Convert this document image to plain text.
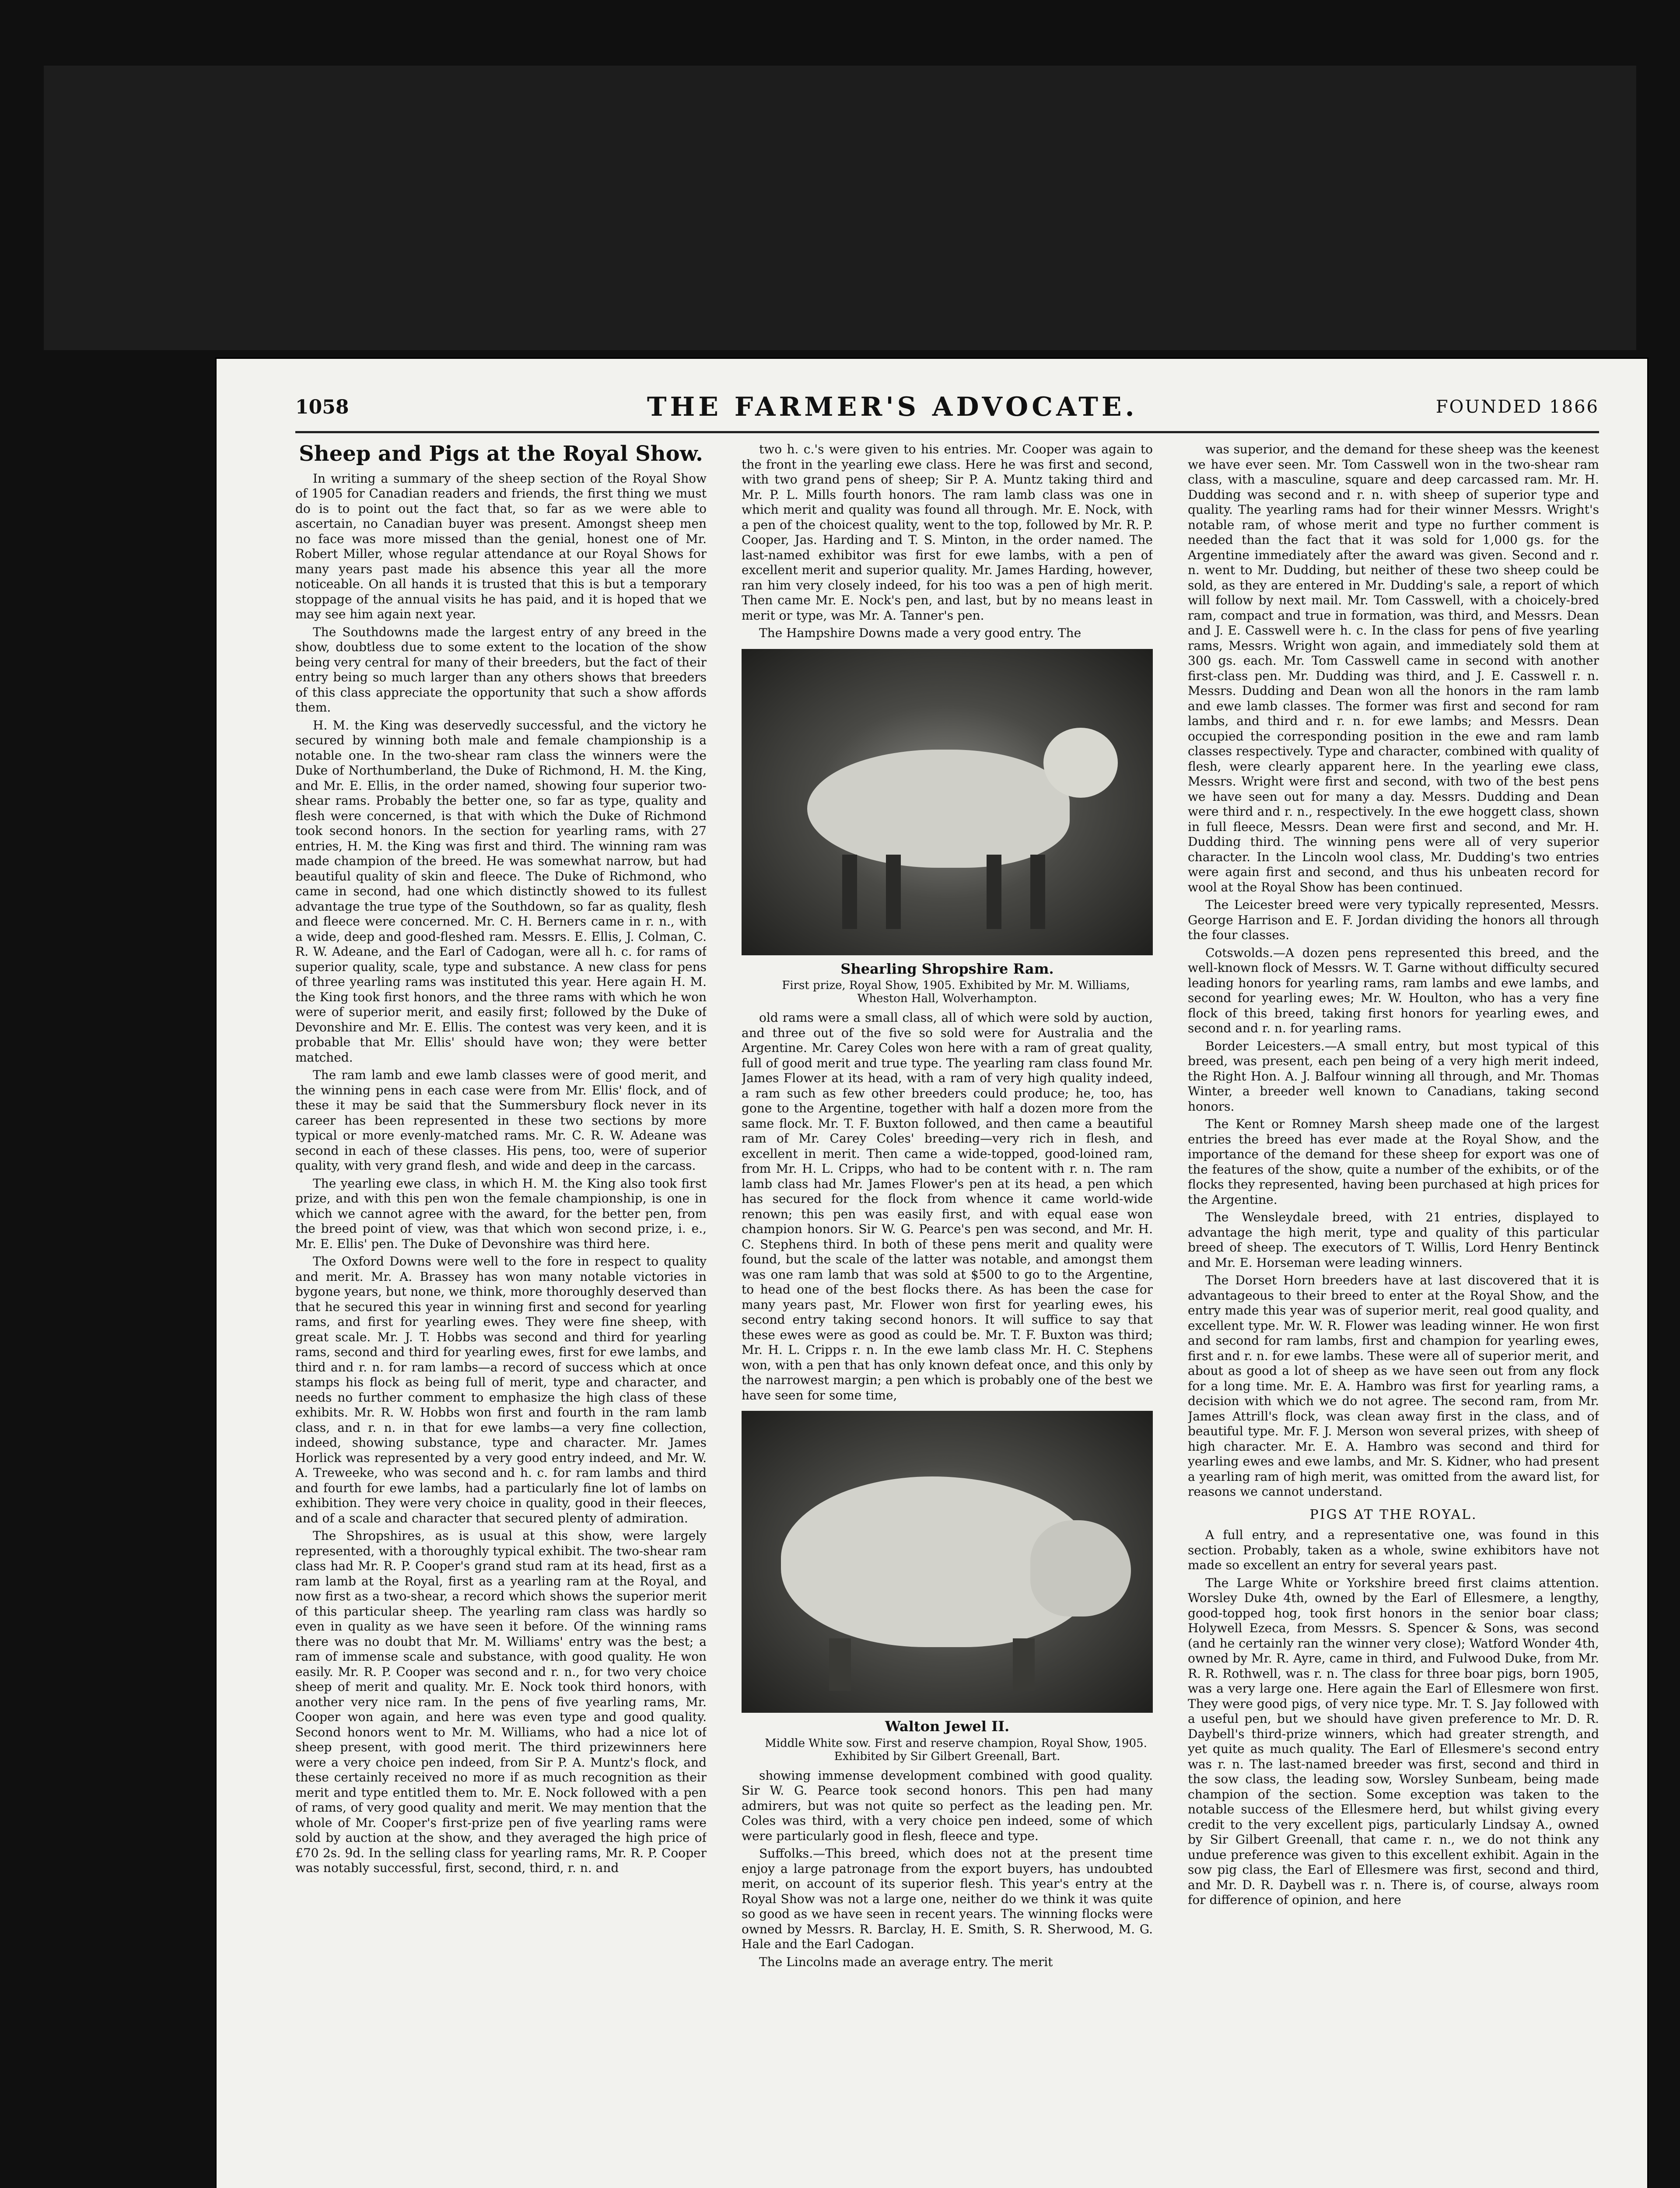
1058	THE FARMER'S ADVOCATE.	FOUNDED 1866
Sheep and Pigs at the Royal Show.

In writing a summary of the sheep section of the Royal Show of 1905 for Canadian readers and friends, the first thing we must do is to point out the fact that, so far as we were able to ascertain, no Canadian buyer was present. Amongst sheep men no face was more missed than the genial, honest one of Mr. Robert Miller, whose regular attendance at our Royal Shows for many years past made his absence this year all the more noticeable. On all hands it is trusted that this is but a temporary stoppage of the annual visits he has paid, and it is hoped that we may see him again next year.

The Southdowns made the largest entry of any breed in the show, doubtless due to some extent to the location of the show being very central for many of their breeders, but the fact of their entry being so much larger than any others shows that breeders of this class appreciate the opportunity that such a show affords them.

H. M. the King was deservedly successful, and the victory he secured by winning both male and female championship is a notable one. In the two-shear ram class the winners were the Duke of Northumberland, the Duke of Richmond, H. M. the King, and Mr. E. Ellis, in the order named, showing four superior two-shear rams. Probably the better one, so far as type, quality and flesh were concerned, is that with which the Duke of Richmond took second honors. In the section for yearling rams, with 27 entries, H. M. the King was first and third. The winning ram was made champion of the breed. He was somewhat narrow, but had beautiful quality of skin and fleece. The Duke of Richmond, who came in second, had one which distinctly showed to its fullest advantage the true type of the Southdown, so far as quality, flesh and fleece were concerned. Mr. C. H. Berners came in r. n., with a wide, deep and good-fleshed ram. Messrs. E. Ellis, J. Colman, C. R. W. Adeane, and the Earl of Cadogan, were all h. c. for rams of superior quality, scale, type and substance. A new class for pens of three yearling rams was instituted this year. Here again H. M. the King took first honors, and the three rams with which he won were of superior merit, and easily first; followed by the Duke of Devonshire and Mr. E. Ellis. The contest was very keen, and it is probable that Mr. Ellis' should have won; they were better matched.

The ram lamb and ewe lamb classes were of good merit, and the winning pens in each case were from Mr. Ellis' flock, and of these it may be said that the Summersbury flock never in its career has been represented in these two sections by more typical or more evenly-matched rams. Mr. C. R. W. Adeane was second in each of these classes. His pens, too, were of superior quality, with very grand flesh, and wide and deep in the carcass.

The yearling ewe class, in which H. M. the King also took first prize, and with this pen won the female championship, is one in which we cannot agree with the award, for the better pen, from the breed point of view, was that which won second prize, i. e., Mr. E. Ellis' pen. The Duke of Devonshire was third here.

The Oxford Downs were well to the fore in respect to quality and merit. Mr. A. Brassey has won many notable victories in bygone years, but none, we think, more thoroughly deserved than that he secured this year in winning first and second for yearling rams, and first for yearling ewes. They were fine sheep, with great scale. Mr. J. T. Hobbs was second and third for yearling rams, second and third for yearling ewes, first for ewe lambs, and third and r. n. for ram lambs—a record of success which at once stamps his flock as being full of merit, type and character, and needs no further comment to emphasize the high class of these exhibits. Mr. R. W. Hobbs won first and fourth in the ram lamb class, and r. n. in that for ewe lambs—a very fine collection, indeed, showing substance, type and character. Mr. James Horlick was represented by a very good entry indeed, and Mr. W. A. Treweeke, who was second and h. c. for ram lambs and third and fourth for ewe lambs, had a particularly fine lot of lambs on exhibition. They were very choice in quality, good in their fleeces, and of a scale and character that secured plenty of admiration.

The Shropshires, as is usual at this show, were largely represented, with a thoroughly typical exhibit. The two-shear ram class had Mr. R. P. Cooper's grand stud ram at its head, first as a ram lamb at the Royal, first as a yearling ram at the Royal, and now first as a two-shear, a record which shows the superior merit of this particular sheep. The yearling ram class was hardly so even in quality as we have seen it before. Of the winning rams there was no doubt that Mr. M. Williams' entry was the best; a ram of immense scale and substance, with good quality. He won easily. Mr. R. P. Cooper was second and r. n., for two very choice sheep of merit and quality. Mr. E. Nock took third honors, with another very nice ram. In the pens of five yearling rams, Mr. Cooper won again, and here was even type and good quality. Second honors went to Mr. M. Williams, who had a nice lot of sheep present, with good merit. The third prizewinners here were a very choice pen indeed, from Sir P. A. Muntz's flock, and these certainly received no more if as much recognition as their merit and type entitled them to. Mr. E. Nock followed with a pen of rams, of very good quality and merit. We may mention that the whole of Mr. Cooper's first-prize pen of five yearling rams were sold by auction at the show, and they averaged the high price of £70 2s. 9d. In the selling class for yearling rams, Mr. R. P. Cooper was notably successful, first, second, third, r. n. and

two h. c.'s were given to his entries. Mr. Cooper was again to the front in the yearling ewe class. Here he was first and second, with two grand pens of sheep; Sir P. A. Muntz taking third and Mr. P. L. Mills fourth honors. The ram lamb class was one in which merit and quality was found all through. Mr. E. Nock, with a pen of the choicest quality, went to the top, followed by Mr. R. P. Cooper, Jas. Harding and T. S. Minton, in the order named. The last-named exhibitor was first for ewe lambs, with a pen of excellent merit and superior quality. Mr. James Harding, however, ran him very closely indeed, for his too was a pen of high merit. Then came Mr. E. Nock's pen, and last, but by no means least in merit or type, was Mr. A. Tanner's pen.

The Hampshire Downs made a very good entry. The

Shearling Shropshire Ram.

First prize, Royal Show, 1905. Exhibited by Mr. M. Williams, Wheston Hall, Wolverhampton.

old rams were a small class, all of which were sold by auction, and three out of the five so sold were for Australia and the Argentine. Mr. Carey Coles won here with a ram of great quality, full of good merit and true type. The yearling ram class found Mr. James Flower at its head, with a ram of very high quality indeed, a ram such as few other breeders could produce; he, too, has gone to the Argentine, together with half a dozen more from the same flock. Mr. T. F. Buxton followed, and then came a beautiful ram of Mr. Carey Coles' breeding—very rich in flesh, and excellent in merit. Then came a wide-topped, good-loined ram, from Mr. H. L. Cripps, who had to be content with r. n. The ram lamb class had Mr. James Flower's pen at its head, a pen which has secured for the flock from whence it came world-wide renown; this pen was easily first, and with equal ease won champion honors. Sir W. G. Pearce's pen was second, and Mr. H. C. Stephens third. In both of these pens merit and quality were found, but the scale of the latter was notable, and amongst them was one ram lamb that was sold at $500 to go to the Argentine, to head one of the best flocks there. As has been the case for many years past, Mr. Flower won first for yearling ewes, his second entry taking second honors. It will suffice to say that these ewes were as good as could be. Mr. T. F. Buxton was third; Mr. H. L. Cripps r. n. In the ewe lamb class Mr. H. C. Stephens won, with a pen that has only known defeat once, and this only by the narrowest margin; a pen which is probably one of the best we have seen for some time,

Walton Jewel II.

Middle White sow. First and reserve champion, Royal Show, 1905. Exhibited by Sir Gilbert Greenall, Bart.

showing immense development combined with good quality. Sir W. G. Pearce took second honors. This pen had many admirers, but was not quite so perfect as the leading pen. Mr. Coles was third, with a very choice pen indeed, some of which were particularly good in flesh, fleece and type.

Suffolks.—This breed, which does not at the present time enjoy a large patronage from the export buyers, has undoubted merit, on account of its superior flesh. This year's entry at the Royal Show was not a large one, neither do we think it was quite so good as we have seen in recent years. The winning flocks were owned by Messrs. R. Barclay, H. E. Smith, S. R. Sherwood, M. G. Hale and the Earl Cadogan.

The Lincolns made an average entry. The merit

was superior, and the demand for these sheep was the keenest we have ever seen. Mr. Tom Casswell won in the two-shear ram class, with a masculine, square and deep carcassed ram. Mr. H. Dudding was second and r. n. with sheep of superior type and quality. The yearling rams had for their winner Messrs. Wright's notable ram, of whose merit and type no further comment is needed than the fact that it was sold for 1,000 gs. for the Argentine immediately after the award was given. Second and r. n. went to Mr. Dudding, but neither of these two sheep could be sold, as they are entered in Mr. Dudding's sale, a report of which will follow by next mail. Mr. Tom Casswell, with a choicely-bred ram, compact and true in formation, was third, and Messrs. Dean and J. E. Casswell were h. c. In the class for pens of five yearling rams, Messrs. Wright won again, and immediately sold them at 300 gs. each. Mr. Tom Casswell came in second with another first-class pen. Mr. Dudding was third, and J. E. Casswell r. n. Messrs. Dudding and Dean won all the honors in the ram lamb and ewe lamb classes. The former was first and second for ram lambs, and third and r. n. for ewe lambs; and Messrs. Dean occupied the corresponding position in the ewe and ram lamb classes respectively. Type and character, combined with quality of flesh, were clearly apparent here. In the yearling ewe class, Messrs. Wright were first and second, with two of the best pens we have seen out for many a day. Messrs. Dudding and Dean were third and r. n., respectively. In the ewe hoggett class, shown in full fleece, Messrs. Dean were first and second, and Mr. H. Dudding third. The winning pens were all of very superior character. In the Lincoln wool class, Mr. Dudding's two entries were again first and second, and thus his unbeaten record for wool at the Royal Show has been continued.

The Leicester breed were very typically represented, Messrs. George Harrison and E. F. Jordan dividing the honors all through the four classes.

Cotswolds.—A dozen pens represented this breed, and the well-known flock of Messrs. W. T. Garne without difficulty secured leading honors for yearling rams, ram lambs and ewe lambs, and second for yearling ewes; Mr. W. Houlton, who has a very fine flock of this breed, taking first honors for yearling ewes, and second and r. n. for yearling rams.

Border Leicesters.—A small entry, but most typical of this breed, was present, each pen being of a very high merit indeed, the Right Hon. A. J. Balfour winning all through, and Mr. Thomas Winter, a breeder well known to Canadians, taking second honors.

The Kent or Romney Marsh sheep made one of the largest entries the breed has ever made at the Royal Show, and the importance of the demand for these sheep for export was one of the features of the show, quite a number of the exhibits, or of the flocks they represented, having been purchased at high prices for the Argentine.

The Wensleydale breed, with 21 entries, displayed to advantage the high merit, type and quality of this particular breed of sheep. The executors of T. Willis, Lord Henry Bentinck and Mr. E. Horseman were leading winners.

The Dorset Horn breeders have at last discovered that it is advantageous to their breed to enter at the Royal Show, and the entry made this year was of superior merit, real good quality, and excellent type. Mr. W. R. Flower was leading winner. He won first and second for ram lambs, first and champion for yearling ewes, first and r. n. for ewe lambs. These were all of superior merit, and about as good a lot of sheep as we have seen out from any flock for a long time. Mr. E. A. Hambro was first for yearling rams, a decision with which we do not agree. The second ram, from Mr. James Attrill's flock, was clean away first in the class, and of beautiful type. Mr. F. J. Merson won several prizes, with sheep of high character. Mr. E. A. Hambro was second and third for yearling ewes and ewe lambs, and Mr. S. Kidner, who had present a yearling ram of high merit, was omitted from the award list, for reasons we cannot understand.

PIGS AT THE ROYAL.

A full entry, and a representative one, was found in this section. Probably, taken as a whole, swine exhibitors have not made so excellent an entry for several years past.

The Large White or Yorkshire breed first claims attention. Worsley Duke 4th, owned by the Earl of Ellesmere, a lengthy, good-topped hog, took first honors in the senior boar class; Holywell Ezeca, from Messrs. S. Spencer & Sons, was second (and he certainly ran the winner very close); Watford Wonder 4th, owned by Mr. R. Ayre, came in third, and Fulwood Duke, from Mr. R. R. Rothwell, was r. n. The class for three boar pigs, born 1905, was a very large one. Here again the Earl of Ellesmere won first. They were good pigs, of very nice type. Mr. T. S. Jay followed with a useful pen, but we should have given preference to Mr. D. R. Daybell's third-prize winners, which had greater strength, and yet quite as much quality. The Earl of Ellesmere's second entry was r. n. The last-named breeder was first, second and third in the sow class, the leading sow, Worsley Sunbeam, being made champion of the section. Some exception was taken to the notable success of the Ellesmere herd, but whilst giving every credit to the very excellent pigs, particularly Lindsay A., owned by Sir Gilbert Greenall, that came r. n., we do not think any undue preference was given to this excellent exhibit. Again in the sow pig class, the Earl of Ellesmere was first, second and third, and Mr. D. R. Daybell was r. n. There is, of course, always room for difference of opinion, and here
